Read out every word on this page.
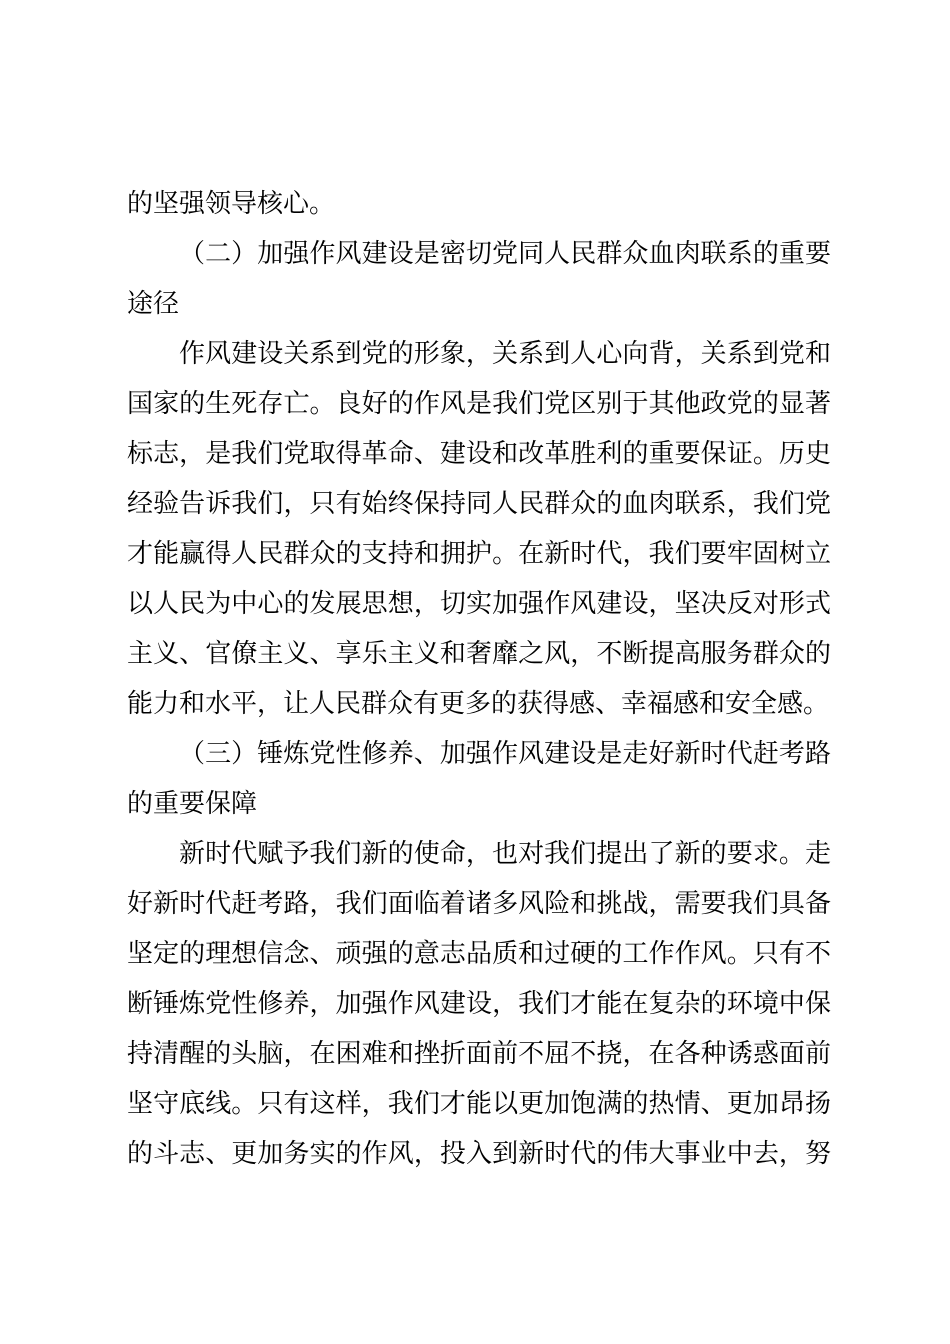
的坚强领导核心。
（二）加强作风建设是密切党同人民群众血肉联系的重要
途径
作风建设关系到党的形象，关系到人心向背，关系到党和
国家的生死存亡。良好的作风是我们党区别于其他政党的显著
标志，是我们党取得革命、建设和改革胜利的重要保证。历史
经验告诉我们，只有始终保持同人民群众的血肉联系，我们党
才能赢得人民群众的支持和拥护。在新时代，我们要牢固树立
以人民为中心的发展思想，切实加强作风建设，坚决反对形式
主义、官僚主义、享乐主义和奢靡之风，不断提高服务群众的
能力和水平，让人民群众有更多的获得感、幸福感和安全感。
（三）锤炼党性修养、加强作风建设是走好新时代赶考路
的重要保障
新时代赋予我们新的使命，也对我们提出了新的要求。走
好新时代赶考路，我们面临着诸多风险和挑战，需要我们具备
坚定的理想信念、顽强的意志品质和过硬的工作作风。只有不
断锤炼党性修养，加强作风建设，我们才能在复杂的环境中保
持清醒的头脑，在困难和挫折面前不屈不挠，在各种诱惑面前
坚守底线。只有这样，我们才能以更加饱满的热情、更加昂扬
的斗志、更加务实的作风，投入到新时代的伟大事业中去，努
